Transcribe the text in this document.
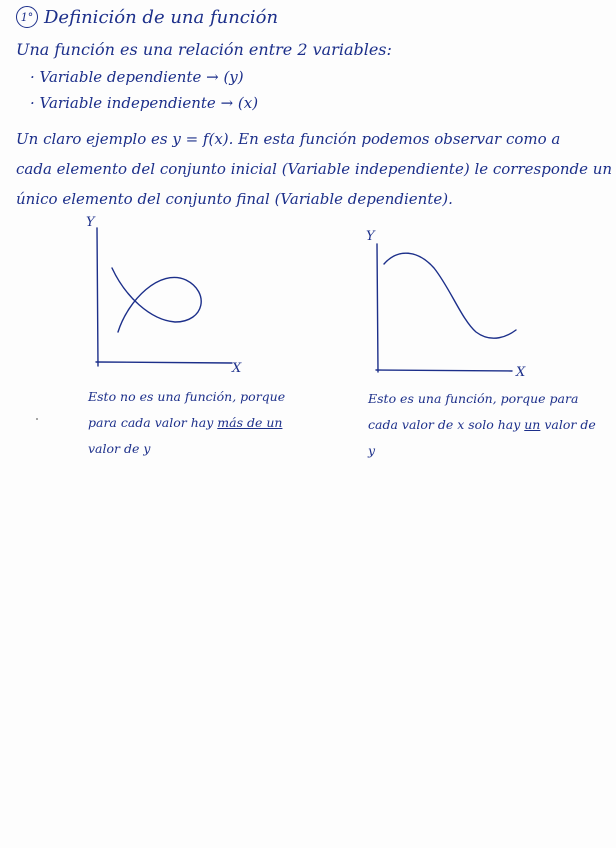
1° Definición de una función
Una función es una relación entre 2 variables:
· Variable dependiente → (y)
· Variable independiente → (x)
Un claro ejemplo es y = f(x). En esta función podemos observar como a
cada elemento del conjunto inicial (Variable independiente) le corresponde un
único elemento del conjunto final (Variable dependiente).
Y
X
Y
X
Esto no es una función, porque para cada valor hay más de un valor de y
Esto es una función, porque para cada valor de x solo hay un valor de y
